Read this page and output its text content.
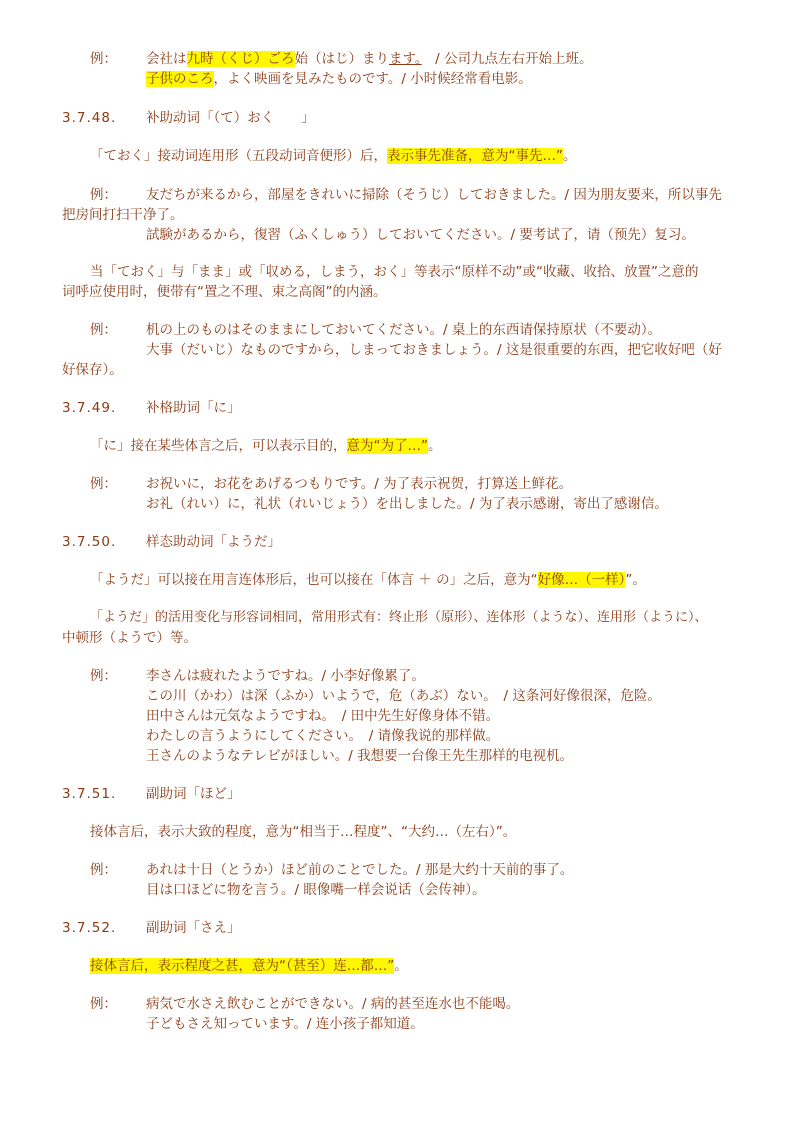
例： 会社は九時（くじ）ごろ始（はじ）まります。　/ 公司九点左右开始上班。
子供のころ，よく映画を見みたものです。/ 小时候经常看电影。
3.7.48. 补助动词「（て）おく　　」
「ておく」接动词连用形（五段动词音便形）后，表示事先准备，意为“事先…”。
例： 友だちが来るから，部屋をきれいに掃除（そうじ）しておきました。/ 因为朋友要来，所以事先
把房间打扫干净了。
試験があるから，復習（ふくしゅう）しておいてください。/ 要考试了，请（预先）复习。
当「ておく」与「まま」或「収める，しまう，おく」等表示“原样不动”或“收藏、收拾、放置”之意的
词呼应使用时，便带有“置之不理、束之高阁”的内涵。
例： 机の上のものはそのままにしておいてください。/ 桌上的东西请保持原状（不要动）。
大事（だいじ）なものですから，しまっておきましょう。/ 这是很重要的东西，把它收好吧（好
好保存）。
3.7.49. 补格助词「に」
「に」接在某些体言之后，可以表示目的，意为“为了…”。
例： お祝いに，お花をあげるつもりです。/ 为了表示祝贺，打算送上鲜花。
お礼（れい）に，礼状（れいじょう）を出しました。/ 为了表示感谢，寄出了感谢信。
3.7.50. 样态助动词「ようだ」
「ようだ」可以接在用言连体形后，也可以接在「体言 ＋ の」之后，意为“好像…（一样）”。
「ようだ」的活用变化与形容词相同，常用形式有：终止形（原形）、连体形（ような）、连用形（ように）、
中顿形（ようで）等。
例： 李さんは疲れたようですね。/ 小李好像累了。
この川（かわ）は深（ふか）いようで，危（あぶ）ない。　/ 这条河好像很深，危险。
田中さんは元気なようですね。　/ 田中先生好像身体不错。
わたしの言うようにしてください。　/ 请像我说的那样做。
王さんのようなテレビがほしい。/ 我想要一台像王先生那样的电视机。
3.7.51. 副助词「ほど」
接体言后，表示大致的程度，意为“相当于…程度”、“大约…（左右）”。
例： あれは十日（とうか）ほど前のことでした。/ 那是大约十天前的事了。
目は口ほどに物を言う。/ 眼像嘴一样会说话（会传神）。
3.7.52. 副助词「さえ」
接体言后，表示程度之甚，意为“（甚至）连…都…”。
例： 病気で水さえ飲むことができない。/ 病的甚至连水也不能喝。
子どもさえ知っています。/ 连小孩子都知道。
